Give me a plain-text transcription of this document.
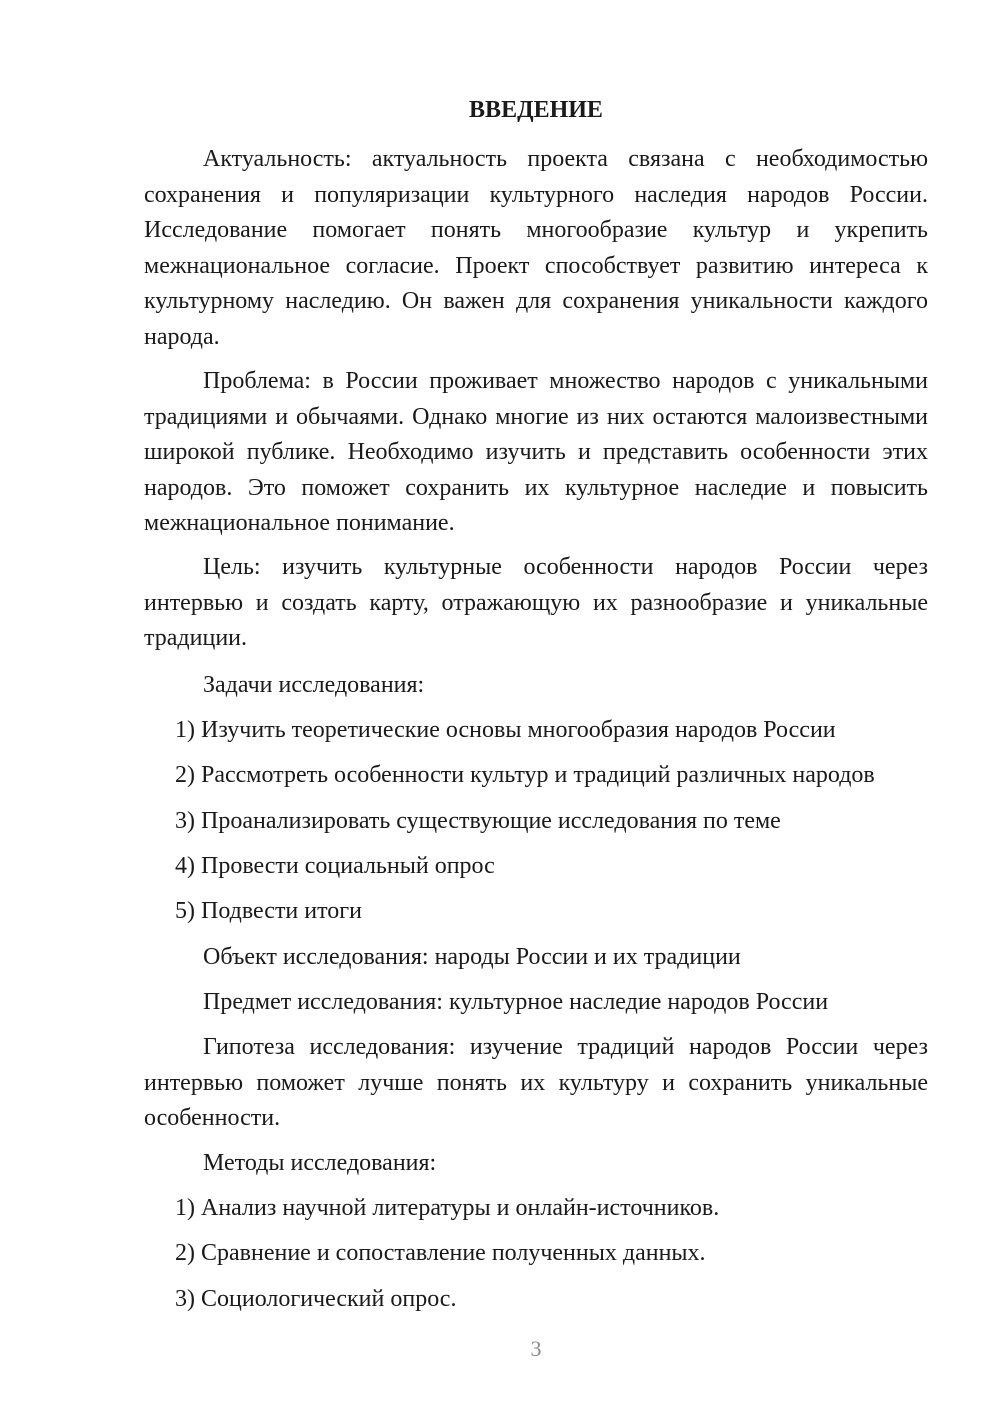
ВВЕДЕНИЕ

Актуальность: актуальность проекта связана с необходимостью сохранения и популяризации культурного наследия народов России. Исследование помогает понять многообразие культур и укрепить межнациональное согласие. Проект способствует развитию интереса к культурному наследию. Он важен для сохранения уникальности каждого народа.

Проблема: в России проживает множество народов с уникальными традициями и обычаями. Однако многие из них остаются малоизвестными широкой публике. Необходимо изучить и представить особенности этих народов. Это поможет сохранить их культурное наследие и повысить межнациональное понимание.

Цель: изучить культурные особенности народов России через интервью и создать карту, отражающую их разнообразие и уникальные традиции.

Задачи исследования:

1) Изучить теоретические основы многообразия народов России

2) Рассмотреть особенности культур и традиций различных народов

3) Проанализировать существующие исследования по теме

4) Провести социальный опрос

5) Подвести итоги

Объект исследования: народы России и их традиции

Предмет исследования: культурное наследие народов России

Гипотеза исследования: изучение традиций народов России через интервью поможет лучше понять их культуру и сохранить уникальные особенности.

Методы исследования:

1) Анализ научной литературы и онлайн-источников.

2) Сравнение и сопоставление полученных данных.

3) Социологический опрос.

3
